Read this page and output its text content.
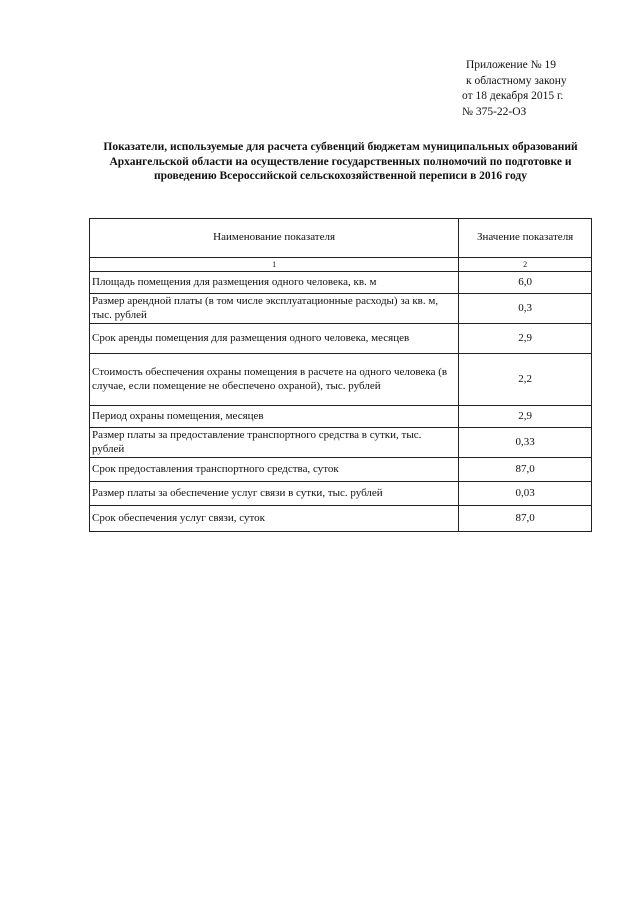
Приложение № 19
к областному закону
от 18 декабря 2015 г.
№ 375-22-ОЗ
Показатели, используемые для расчета субвенций бюджетам муниципальных образований Архангельской области на осуществление государственных полномочий по подготовке и проведению Всероссийской сельскохозяйственной переписи в 2016 году
Наименование показателя	Значение показателя
1	2
Площадь помещения для размещения одного человека, кв. м	6,0
Размер арендной платы (в том числе эксплуатационные расходы) за кв. м, тыс. рублей	0,3
Срок аренды помещения для размещения одного человека, месяцев	2,9
Стоимость обеспечения охраны помещения в расчете на одного человека (в случае, если помещение не обеспечено охраной), тыс. рублей	2,2
Период охраны помещения, месяцев	2,9
Размер платы за предоставление транспортного средства в сутки, тыс. рублей	0,33
Срок предоставления транспортного средства, суток	87,0
Размер платы за обеспечение услуг связи в сутки, тыс. рублей	0,03
Срок обеспечения услуг связи, суток	87,0
